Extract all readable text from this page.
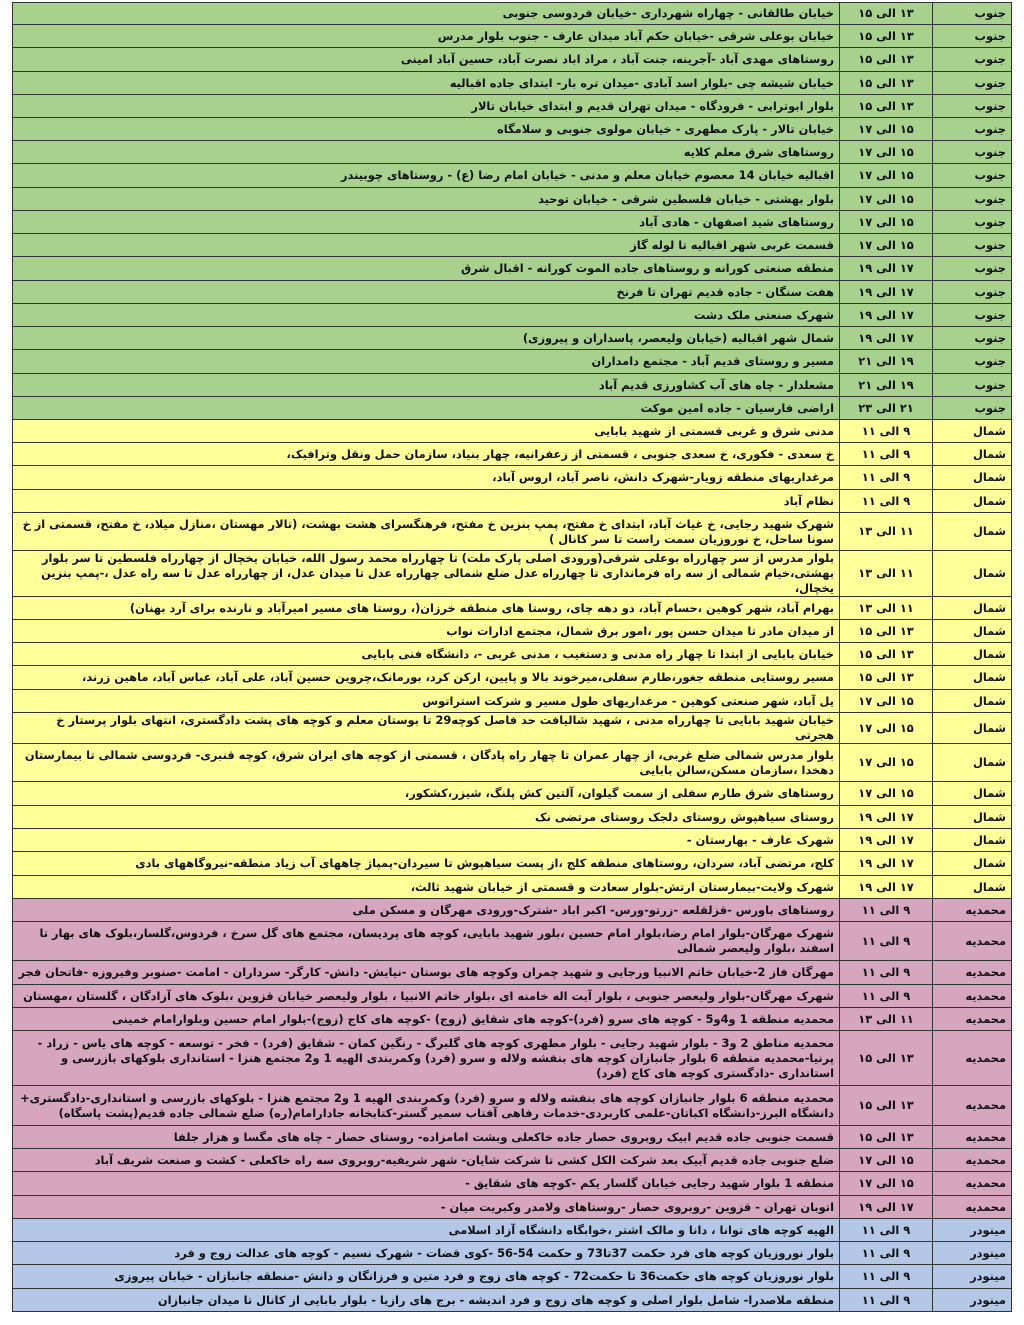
جنوب	۱۳ الی ۱۵	خیابان طالقانی - چهاراه شهرداری -خیابان فردوسی جنوبی
جنوب	۱۳ الی ۱۵	خیابان بوعلی شرقی -خیابان حکم آباد میدان عارف - جنوب بلوار مدرس
جنوب	۱۳ الی ۱۵	روستاهای مهدی آباد -آجرینه، جنت آباد ، مراد اباد نصرت آباد، حسین آباد امینی
جنوب	۱۳ الی ۱۵	خیابان شیشه چی -بلوار اسد آبادی -میدان تره بار- ابتدای جاده اقبالیه
جنوب	۱۳ الی ۱۵	بلوار ابوترابی - فرودگاه - میدان تهران قدیم و ابتدای خیابان تالار
جنوب	۱۵ الی ۱۷	خیابان تالار - پارک مطهری - خیابان مولوی جنوبی و سلامگاه
جنوب	۱۵ الی ۱۷	روستاهای شرق معلم کلایه
جنوب	۱۵ الی ۱۷	اقبالیه خیابان 14 معصوم خیابان معلم و مدنی - خیابان امام رضا (ع) - روستاهای چوبیندر
جنوب	۱۵ الی ۱۷	بلوار بهشتی - خیابان فلسطین شرقی - خیابان توحید
جنوب	۱۵ الی ۱۷	روستاهای شید اصفهان - هادی آباد
جنوب	۱۵ الی ۱۷	قسمت غربی شهر اقبالیه تا لوله گاز
جنوب	۱۷ الی ۱۹	منطقه صنعتی کورانه و روستاهای جاده الموت کورانه - اقبال شرق
جنوب	۱۷ الی ۱۹	هفت سنگان - جاده قدیم تهران تا فرنخ
جنوب	۱۷ الی ۱۹	شهرک صنعتی ملک دشت
جنوب	۱۷ الی ۱۹	شمال شهر اقبالیه (خیابان ولیعصر، پاسداران و پیروزی)
جنوب	۱۹ الی ۲۱	مسیر و روستای قدیم آباد - مجتمع دامداران
جنوب	۱۹ الی ۲۱	مشعلدار - چاه های آب کشاورزی قدیم آباد
جنوب	۲۱ الی ۲۳	اراضی فارسیان - جاده امین موکت
شمال	۹ الی ۱۱	مدنی شرق و غربی قسمتی از شهید بابایی
شمال	۹ الی ۱۱	خ سعدی - فکوری، خ سعدی جنوبی ، قسمتی از زعفرانیه، چهار بنیاد، سازمان حمل ونقل وترافیک،
شمال	۹ الی ۱۱	مرغداریهای منطقه زویار-شهرک دانش، ناصر آباد، اروس آباد،
شمال	۹ الی ۱۱	نظام آباد
شمال	۱۱ الی ۱۳	شهرک شهید رجایی، خ غیاث آباد، ابتدای خ مفتح، پمپ بنزین خ مفتح، فرهنگسرای هشت بهشت، (تالار مهستان ،منازل میلاد، خ مفتح، قسمتی از خ سونا ساحل، خ نوروزیان سمت راست تا سر کانال )
شمال	۱۱ الی ۱۳	بلوار مدرس از سر چهارراه بوعلی شرقی(ورودی اصلی پارک ملت) تا چهارراه محمد رسول الله، خیابان یخچال از چهارراه فلسطین تا سر بلوار بهشتی،خیام شمالی از سه راه فرمانداری تا چهارراه عدل ضلع شمالی چهارراه عدل تا میدان عدل، از چهارراه عدل تا سه راه عدل ،-پمپ بنزین یخچال،
شمال	۱۱ الی ۱۳	بهرام آباد، شهر کوهین ،حسام آباد، دو دهه چای، روستا های منطقه خرزان(، روستا های مسیر امیرآباد و نارنده برای آرد بهنان)
شمال	۱۳ الی ۱۵	از میدان مادر تا میدان حسن پور ،امور برق شمال، مجتمع ادارات نواب
شمال	۱۳ الی ۱۵	خیابان بابایی از ابتدا تا چهار راه مدنی و دستغیب ، مدنی غربی -، دانشگاه فنی بابایی
شمال	۱۳ الی ۱۵	مسیر روستایی منطقه جغور،طارم سفلی،میرخوند بالا و پایین، ارکن کرد، بورمانک،چروین حسین آباد، علی آباد، عباس آباد، ماهین زرند،
شمال	۱۵ الی ۱۷	یل آباد، شهر صنعتی کوهین - مرغداریهای طول مسیر و شرکت استراتوس
شمال	۱۵ الی ۱۷	خیابان شهید بابایی تا چهارراه مدنی ، شهید شالیافت حد فاصل کوچه29 تا بوستان معلم و کوچه های پشت دادگستری، انتهای بلوار پرستار خ هجرتی
شمال	۱۵ الی ۱۷	بلوار مدرس شمالی ضلع غربی، از چهار عمران تا چهار راه پادگان ، قسمتی از کوچه های ایران شرق، کوچه قنبری- فردوسی شمالی تا بیمارستان دهخدا ،سازمان مسکن،سالن بابایی
شمال	۱۵ الی ۱۷	روستاهای شرق طارم سفلی از سمت گیلوان، آلتین کش پلنگ، شیزر،کشکور،
شمال	۱۷ الی ۱۹	روستای سیاهپوش روستای دلجک روستای مرتضی نک
شمال	۱۷ الی ۱۹	شهرک عارف - بهارستان -
شمال	۱۷ الی ۱۹	کلج، مرتضی آباد، سردان، روستاهای منطقه کلج ،از پست سیاهپوش تا سیردان-پمپاژ چاههای آب زیاد منطقه-نیروگاههای بادی
شمال	۱۷ الی ۱۹	شهرک ولایت-بیمارستان ارتش-بلوار سعادت و قسمتی از خیابان شهید ثالث،
محمدیه	۹ الی ۱۱	روستاهای باورس -قزلقلعه -زرتو-ورس- اکبر اباد -شترک-ورودی مهرگان و مسکن ملی
محمدیه	۹ الی ۱۱	شهرک مهرگان-بلوار امام رضا،بلوار امام حسین ،بلور شهید بابایی، کوچه های پردیسان، مجتمع های گل سرخ ، فردوس،گلسار،بلوک های بهار تا اسفند ،بلوار ولیعصر شمالی
محمدیه	۹ الی ۱۱	مهرگان فاز 2-خیابان خاتم الانبیا ورجایی و شهید چمران وکوچه های بوستان -نیایش- دانش- کارگر- سرداران - امامت -صنوبر وفیروزه -فاتحان فجر
محمدیه	۹ الی ۱۱	شهرک مهرگان-بلوار ولیعصر جنوبی ، بلوار آیت اله خامنه ای ،بلوار خاتم الانبیا ، بلوار ولیعصر خیابان قزوین ،بلوک های آزادگان ، گلستان ،مهستان
محمدیه	۱۱ الی ۱۳	محمدیه منطقه 1 و4و5 - کوچه های سرو (فرد)-کوچه های شقایق (زوج) -کوچه های کاج (زوج)-بلوار امام حسین وبلوارامام خمینی
محمدیه	۱۳ الی ۱۵	محمدیه مناطق 2 و3 - بلوار شهید رجایی - بلوار مطهری کوچه های گلبرگ - رنگین کمان - شقایق (فرد) - فخر - توسعه - کوچه های یاس - زراد - پرنیا-محمدیه منطقه 6 بلوار جانبازان کوچه های بنفشه ولاله و سرو (فرد) وکمربندی الهیه 1 و2 مجتمع هنزا - استانداری بلوکهای بازرسی و استانداری -دادگستری کوچه های کاج (فرد)
محمدیه	۱۳ الی ۱۵	محمدیه منطقه 6 بلوار جانبازان کوچه های بنفشه ولاله و سرو (فرد) وکمربندی الهیه 1 و2 مجتمع هنزا - بلوکهای بازرسی و استانداری-دادگستری+ دانشگاه البرز-دانشگاه اکباتان-علمی کاربردی-خدمات رفاهی آفتاب سمیر گستر-کتابخانه جادارامام(ره) ضلع شمالی جاده قدیم(پشت پاسگاه)
محمدیه	۱۳ الی ۱۵	قسمت جنوبی جاده قدیم ابیک روبروی حصار جاده خاکعلی وبشت امامزاده- روستای حصار - چاه های مگسا و هزار جلفا
محمدیه	۱۵ الی ۱۷	ضلع جنوبی جاده قدیم آبیک بعد شرکت الکل کشی تا شرکت شایان- شهر شریفیه-روبروی سه راه خاکعلی - کشت و صنعت شریف آباد
محمدیه	۱۵ الی ۱۷	منطقه 1 بلوار شهید رجایی خیابان گلسار یکم -کوچه های شقایق -
محمدیه	۱۷ الی ۱۹	اتوبان تهران - قزوین -روبروی حصار -روستاهای ولامدر وکبریت میان -
مینودر	۹ الی ۱۱	الهیه کوچه های توانا ، دانا و مالک اشتر ،خوابگاه دانشگاه آزاد اسلامی
مینودر	۹ الی ۱۱	بلوار نوروزیان کوچه های فرد حکمت 37تا73 و حکمت 54-56 -کوی قضات - شهرک نسیم - کوچه های عدالت زوج و فرد
مینودر	۹ الی ۱۱	بلوار نوروزیان کوچه های حکمت36 تا حکمت72 - کوچه های زوج و فرد متین و فرزانگان و دانش -منطقه جانبازان - خیابان پیروزی
مینودر	۹ الی ۱۱	منطقه ملاصدرا- شامل بلوار اصلی و کوچه های زوج و فرد اندیشه - برج های رازیا - بلوار بابایی از کانال تا میدان جانبازان
